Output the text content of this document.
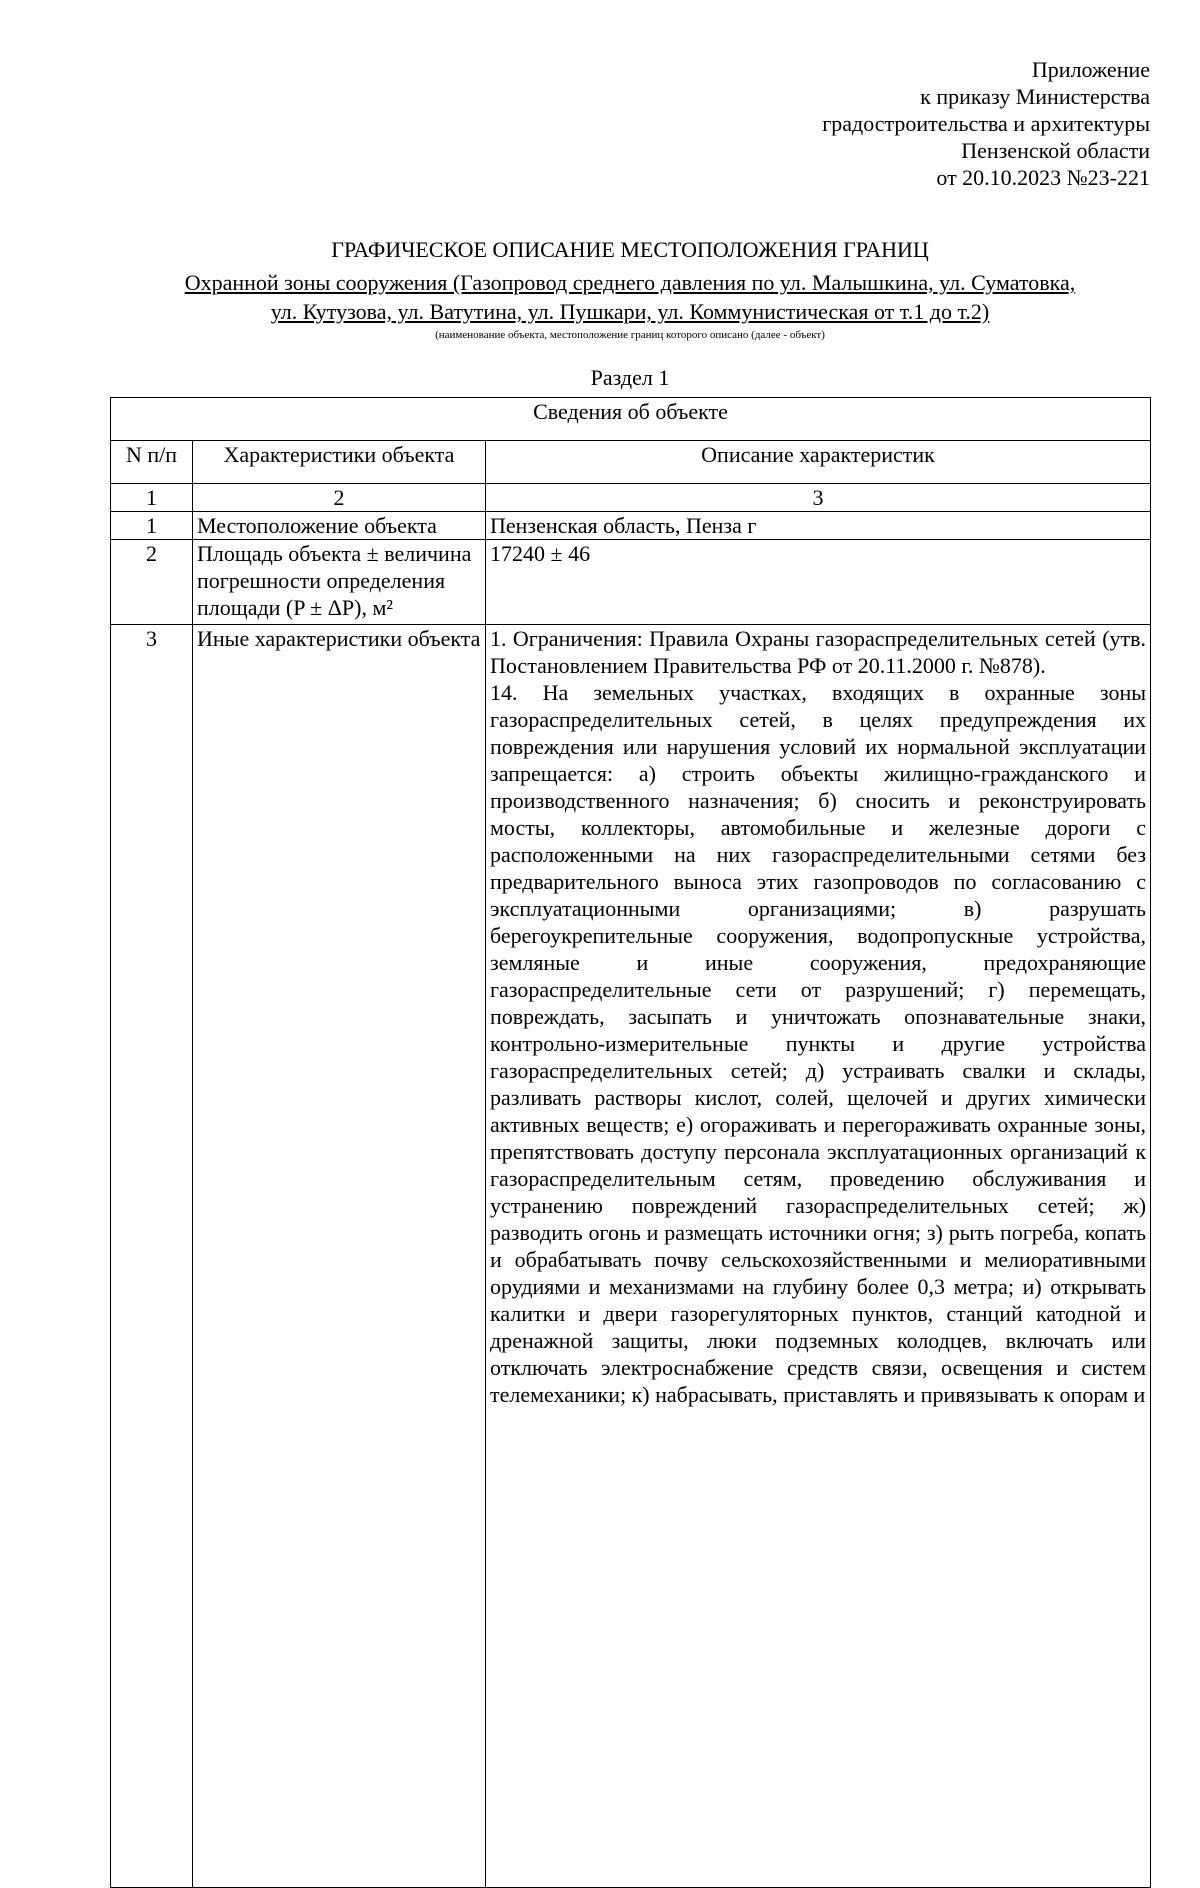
Приложение
к приказу Министерства
градостроительства и архитектуры
Пензенской области
от 20.10.2023 №23-221
ГРАФИЧЕСКОЕ ОПИСАНИЕ МЕСТОПОЛОЖЕНИЯ ГРАНИЦ
Охранной зоны сооружения (Газопровод среднего давления по ул. Малышкина, ул. Суматовка,
ул. Кутузова, ул. Ватутина, ул. Пушкари, ул. Коммунистическая от т.1 до т.2)
(наименование объекта, местоположение границ которого описано (далее - объект)
Раздел 1
Сведения об объекте		
N п/п	Характеристики объекта	Описание характеристик
1	2	3
1	Местоположение объекта	Пензенская область, Пенза г
2	Площадь объекта ± величина погрешности определения площади (P ± ΔP), м²	17240 ± 46
3	Иные характеристики объекта	1. Ограничения: Правила Охраны газораспределительных сетей (утв. Постановлением Правительства РФ от 20.11.2000 г. №878).

14. На земельных участках, входящих в охранные зоны газораспределительных сетей, в целях предупреждения их повреждения или нарушения условий их нормальной эксплуатации запрещается: а) строить объекты жилищно-гражданского и производственного назначения; б) сносить и реконструировать мосты, коллекторы, автомобильные и железные дороги с расположенными на них газораспределительными сетями без предварительного выноса этих газопроводов по согласованию с эксплуатационными организациями; в) разрушать берегоукрепительные сооружения, водопропускные устройства, земляные и иные сооружения, предохраняющие газораспределительные сети от разрушений; г) перемещать, повреждать, засыпать и уничтожать опознавательные знаки, контрольно-измерительные пункты и другие устройства газораспределительных сетей; д) устраивать свалки и склады, разливать растворы кислот, солей, щелочей и других химически активных веществ; е) огораживать и перегораживать охранные зоны, препятствовать доступу персонала эксплуатационных организаций к газораспределительным сетям, проведению обслуживания и устранению повреждений газораспределительных сетей; ж) разводить огонь и размещать источники огня; з) рыть погреба, копать и обрабатывать почву сельскохозяйственными и мелиоративными орудиями и механизмами на глубину более 0,3 метра; и) открывать калитки и двери газорегуляторных пунктов, станций катодной и дренажной защиты, люки подземных колодцев, включать или отключать электроснабжение средств связи, освещения и систем телемеханики; к) набрасывать, приставлять и привязывать к опорам и
